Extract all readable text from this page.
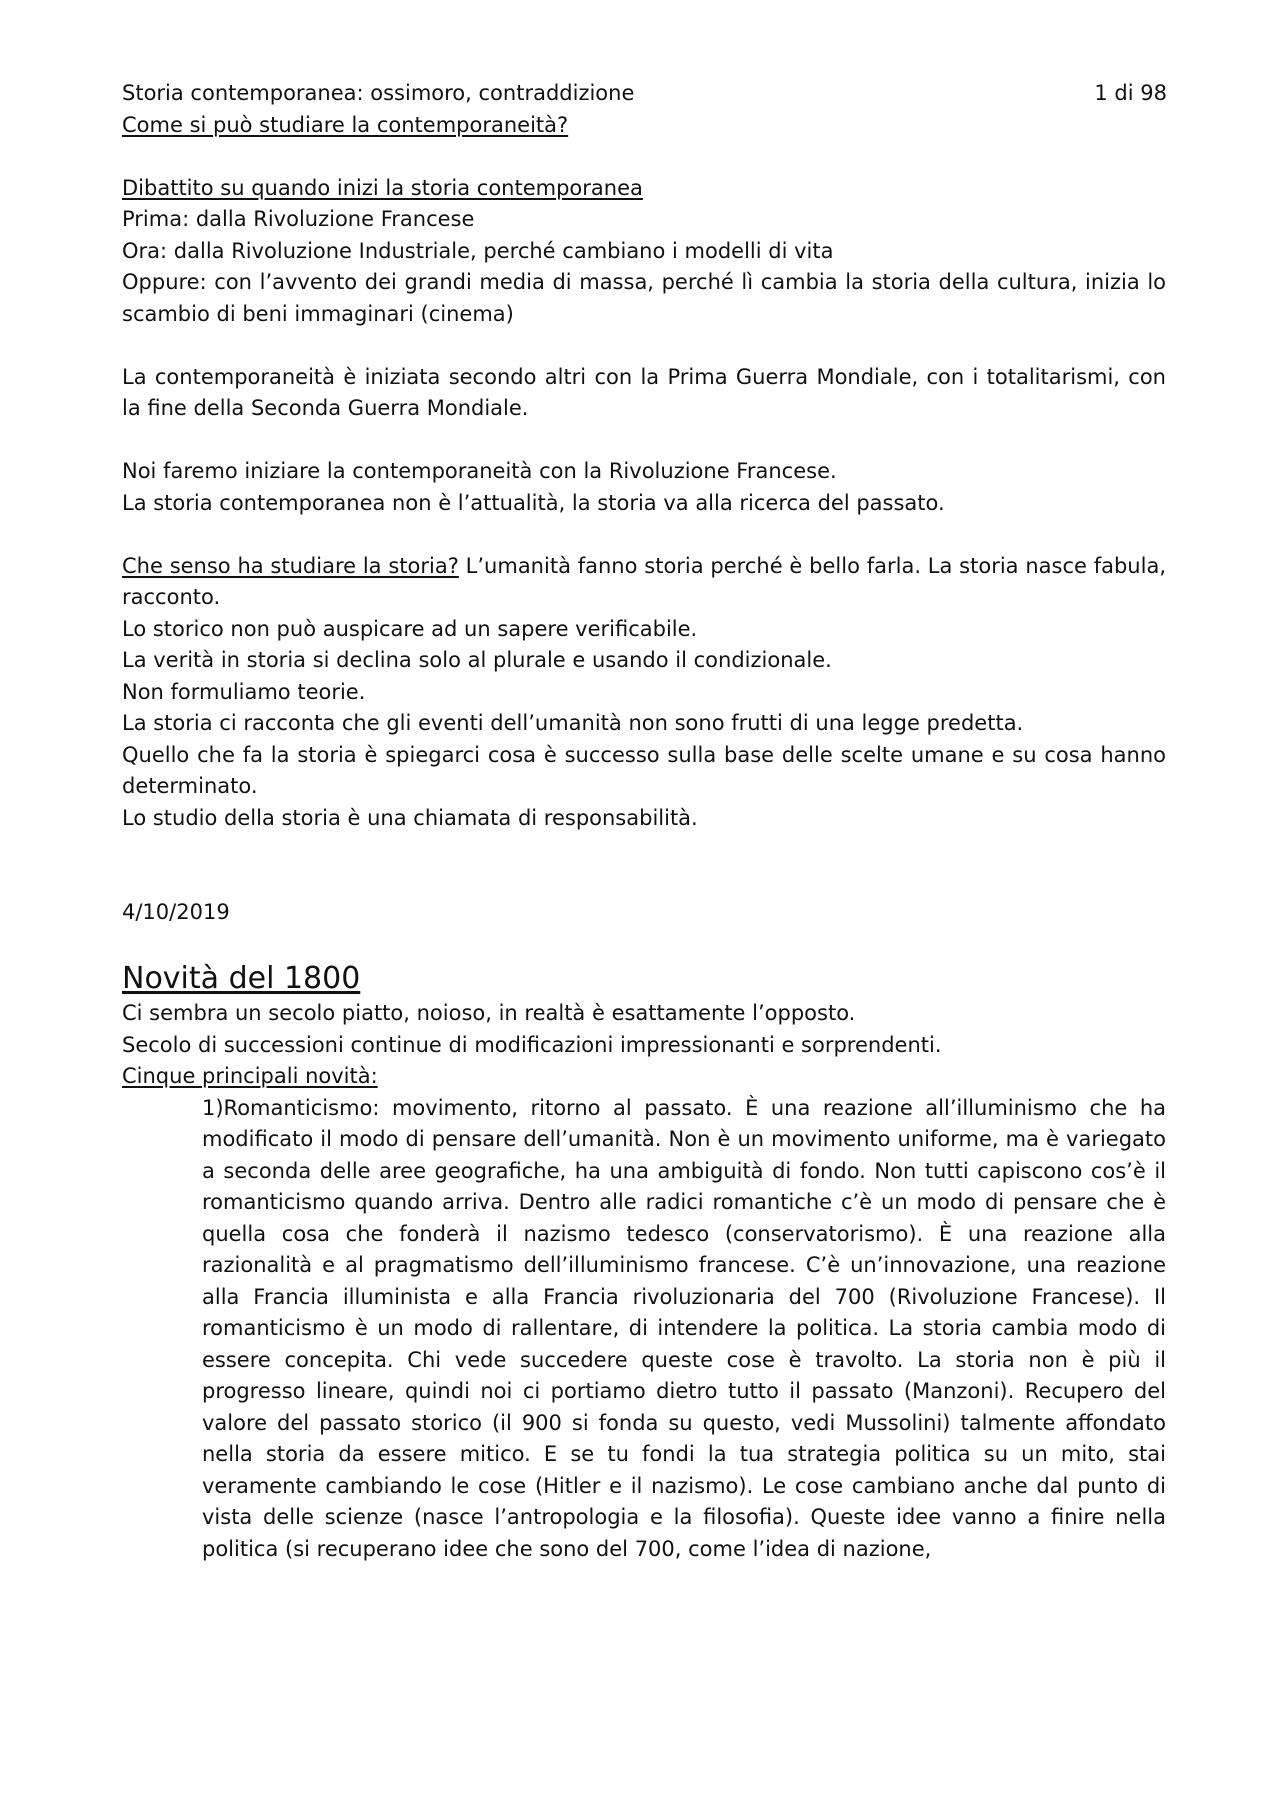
1 di 98

Storia contemporanea: ossimoro, contraddizione

Come si può studiare la contemporaneità?

Dibattito su quando inizi la storia contemporanea

Prima: dalla Rivoluzione Francese

Ora: dalla Rivoluzione Industriale, perché cambiano i modelli di vita

Oppure: con l’avvento dei grandi media di massa, perché lì cambia la storia della cultura, inizia lo scambio di beni immaginari (cinema)

La contemporaneità è iniziata secondo altri con la Prima Guerra Mondiale, con i totalitarismi, con la fine della Seconda Guerra Mondiale.

Noi faremo iniziare la contemporaneità con la Rivoluzione Francese.

La storia contemporanea non è l’attualità, la storia va alla ricerca del passato.

Che senso ha studiare la storia? L’umanità fanno storia perché è bello farla. La storia nasce fabula, racconto.

Lo storico non può auspicare ad un sapere verificabile.

La verità in storia si declina solo al plurale e usando il condizionale.

Non formuliamo teorie.

La storia ci racconta che gli eventi dell’umanità non sono frutti di una legge predetta.

Quello che fa la storia è spiegarci cosa è successo sulla base delle scelte umane e su cosa hanno determinato.

Lo studio della storia è una chiamata di responsabilità.

4/10/2019

Novità del 1800

Ci sembra un secolo piatto, noioso, in realtà è esattamente l’opposto.

Secolo di successioni continue di modificazioni impressionanti e sorprendenti.

Cinque principali novità:

1)Romanticismo: movimento, ritorno al passato. È una reazione all’illuminismo che ha modificato il modo di pensare dell’umanità. Non è un movimento uniforme, ma è variegato a seconda delle aree geografiche, ha una ambiguità di fondo. Non tutti capiscono cos’è il romanticismo quando arriva. Dentro alle radici romantiche c’è un modo di pensare che è quella cosa che fonderà il nazismo tedesco (conservatorismo). È una reazione alla razionalità e al pragmatismo dell’illuminismo francese. C’è un’innovazione, una reazione alla Francia illuminista e alla Francia rivoluzionaria del 700 (Rivoluzione Francese). Il romanticismo è un modo di rallentare, di intendere la politica. La storia cambia modo di essere concepita. Chi vede succedere queste cose è travolto. La storia non è più il progresso lineare, quindi noi ci portiamo dietro tutto il passato (Manzoni). Recupero del valore del passato storico (il 900 si fonda su questo, vedi Mussolini) talmente affondato nella storia da essere mitico. E se tu fondi la tua strategia politica su un mito, stai veramente cambiando le cose (Hitler e il nazismo). Le cose cambiano anche dal punto di vista delle scienze (nasce l’antropologia e la filosofia). Queste idee vanno a finire nella politica (si recuperano idee che sono del 700, come l’idea di nazione,
